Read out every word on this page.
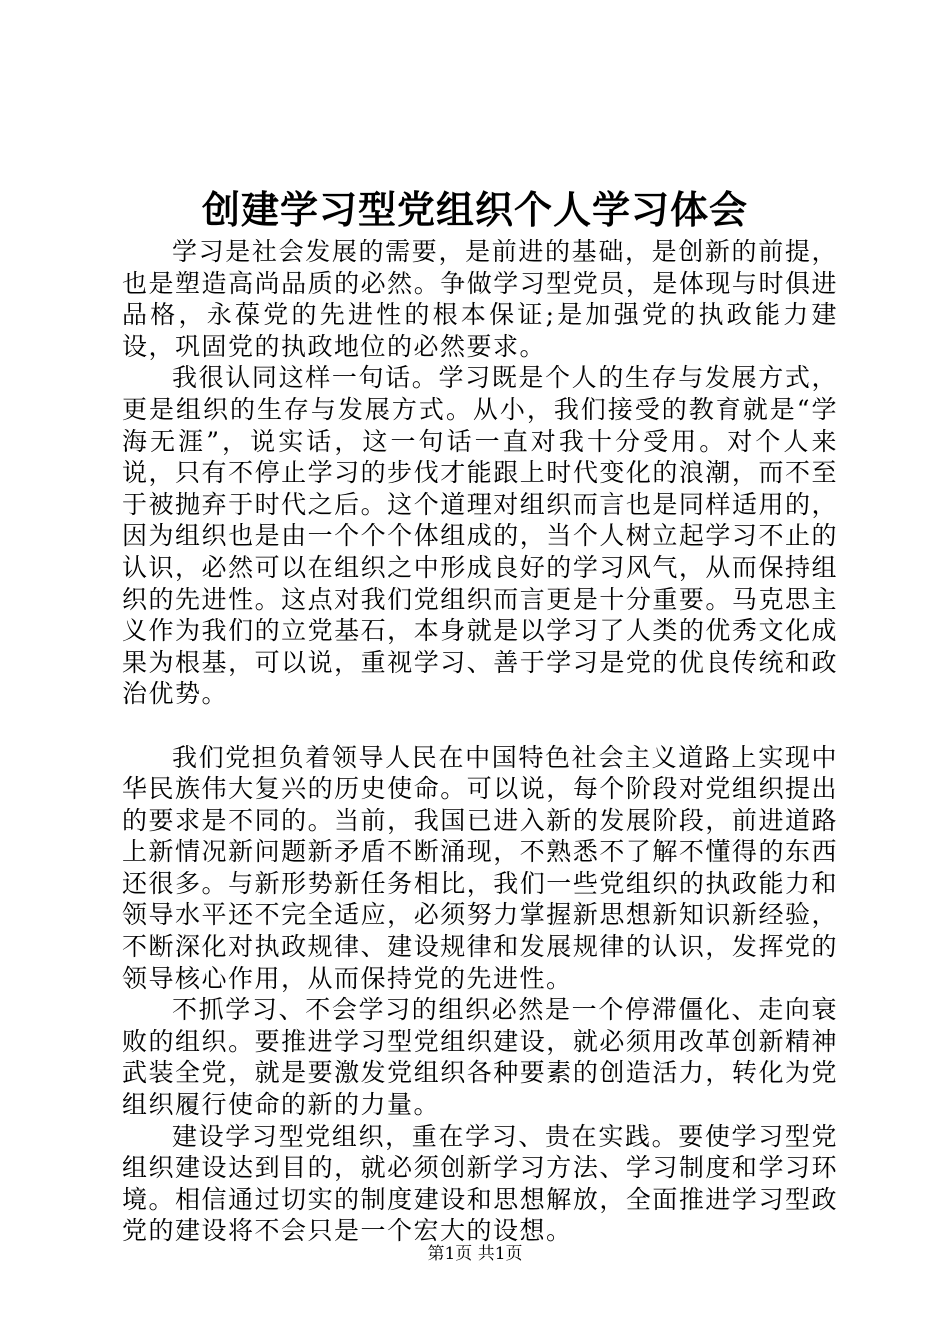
创建学习型党组织个人学习体会

学习是社会发展的需要，是前进的基础，是创新的前提，也是塑造高尚品质的必然。争做学习型党员，是体现与时俱进品格，永葆党的先进性的根本保证;是加强党的执政能力建设，巩固党的执政地位的必然要求。

我很认同这样一句话。学习既是个人的生存与发展方式，更是组织的生存与发展方式。从小，我们接受的教育就是“学海无涯”，说实话，这一句话一直对我十分受用。对个人来说，只有不停止学习的步伐才能跟上时代变化的浪潮，而不至于被抛弃于时代之后。这个道理对组织而言也是同样适用的，因为组织也是由一个个个体组成的，当个人树立起学习不止的认识，必然可以在组织之中形成良好的学习风气，从而保持组织的先进性。这点对我们党组织而言更是十分重要。马克思主义作为我们的立党基石，本身就是以学习了人类的优秀文化成果为根基，可以说，重视学习、善于学习是党的优良传统和政治优势。

我们党担负着领导人民在中国特色社会主义道路上实现中华民族伟大复兴的历史使命。可以说，每个阶段对党组织提出的要求是不同的。当前，我国已进入新的发展阶段，前进道路上新情况新问题新矛盾不断涌现，不熟悉不了解不懂得的东西还很多。与新形势新任务相比，我们一些党组织的执政能力和领导水平还不完全适应，必须努力掌握新思想新知识新经验，不断深化对执政规律、建设规律和发展规律的认识，发挥党的领导核心作用，从而保持党的先进性。

不抓学习、不会学习的组织必然是一个停滞僵化、走向衰败的组织。要推进学习型党组织建设，就必须用改革创新精神武装全党，就是要激发党组织各种要素的创造活力，转化为党组织履行使命的新的力量。

建设学习型党组织，重在学习、贵在实践。要使学习型党组织建设达到目的，就必须创新学习方法、学习制度和学习环境。相信通过切实的制度建设和思想解放，全面推进学习型政党的建设将不会只是一个宏大的设想。

第1页 共1页
